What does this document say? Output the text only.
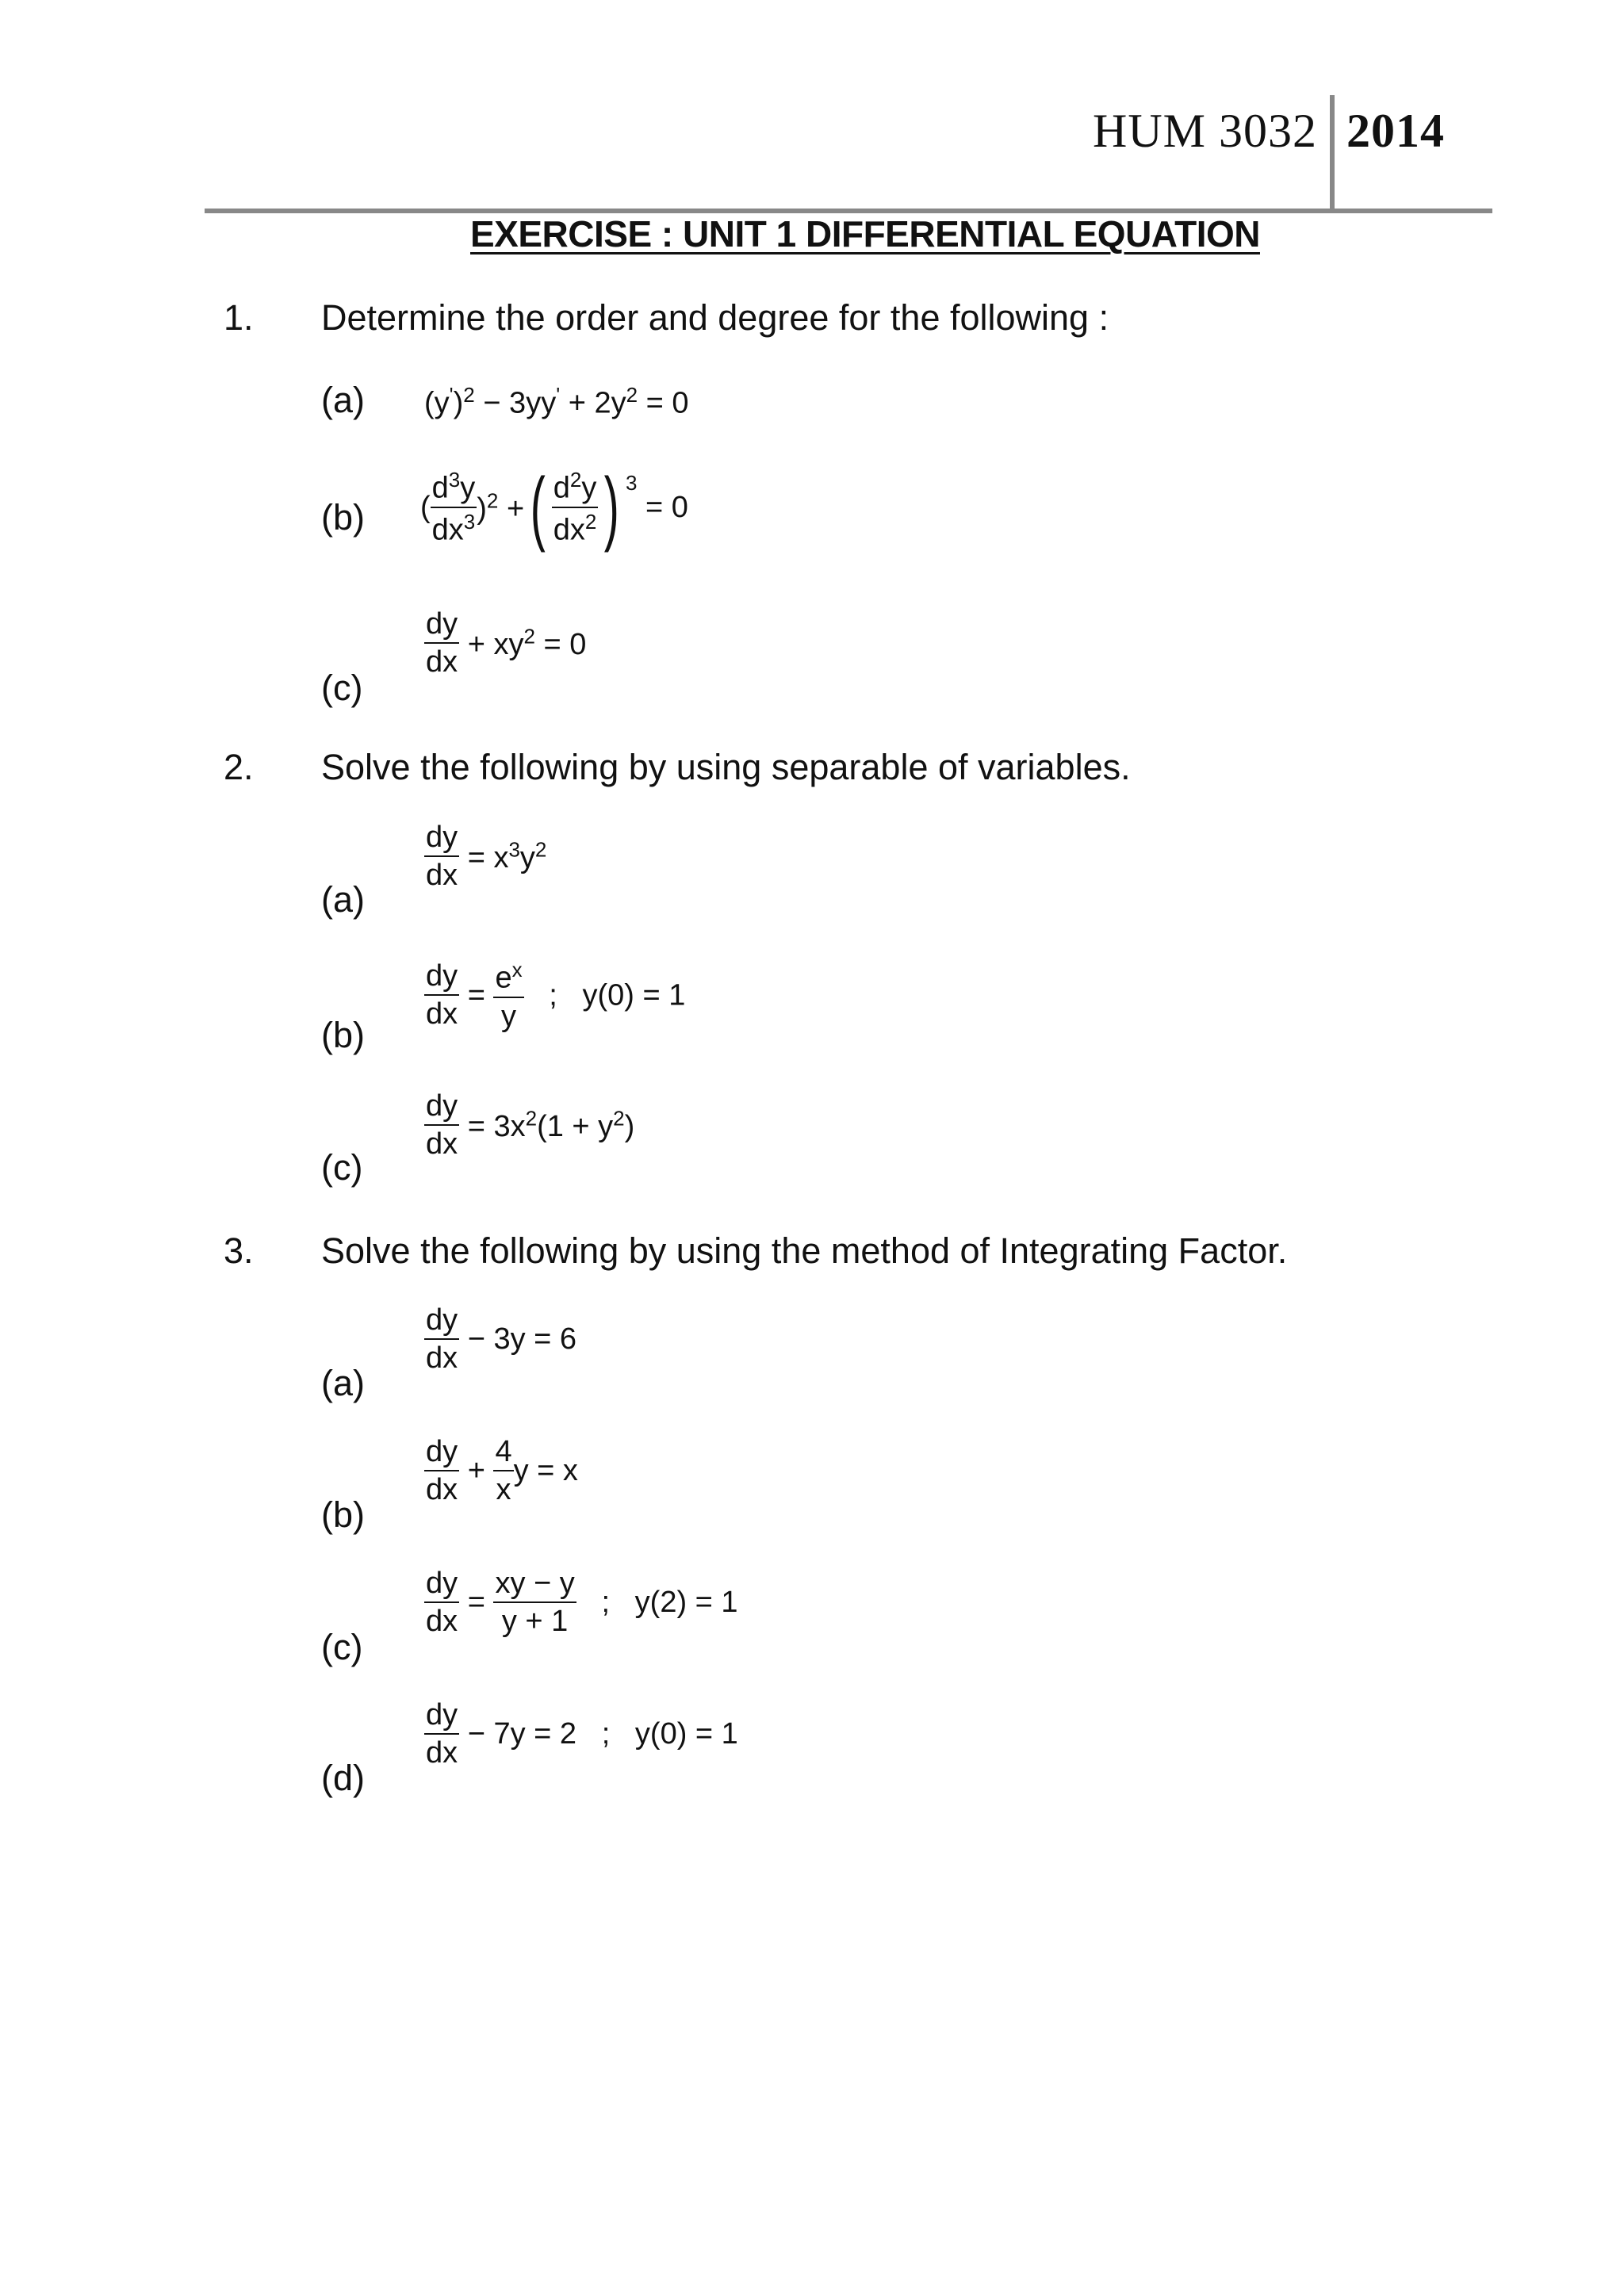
HUM 3032 2014
EXERCISE : UNIT 1 DIFFERENTIAL EQUATION
1. Determine the order and degree for the following :
(a) $(y')^2 - 3yy' + 2y^2 = 0$
(b) ( $\frac{d^3y}{dx^3} )^2$ +( $\frac{d^2y}{dx^2}$ ) $^3$ = 0
(c)
$\frac{dy}{dx} + xy^2 = 0$
2. Solve the following by using separable of variables.
(a)
$\frac{dy}{dx} = x^3y^2$
(b)
$\frac{dy}{dx} = \frac{e^x}{y}$ ;   y(0) = 1
(c)
$\frac{dy}{dx} = 3x^2(1 + y^2)$
3. Solve the following by using the method of Integrating Factor.
(a)
$\frac{dy}{dx} - 3y = 6$
(b)
$\frac{dy}{dx} + \frac{4}{x}$ y = x
(c)
$\frac{dy}{dx} = \frac{xy - y}{y + 1}$ ;   y(2) = 1
(d)
$\frac{dy}{dx} - 7y = 2$   ;   y(0) = 1
